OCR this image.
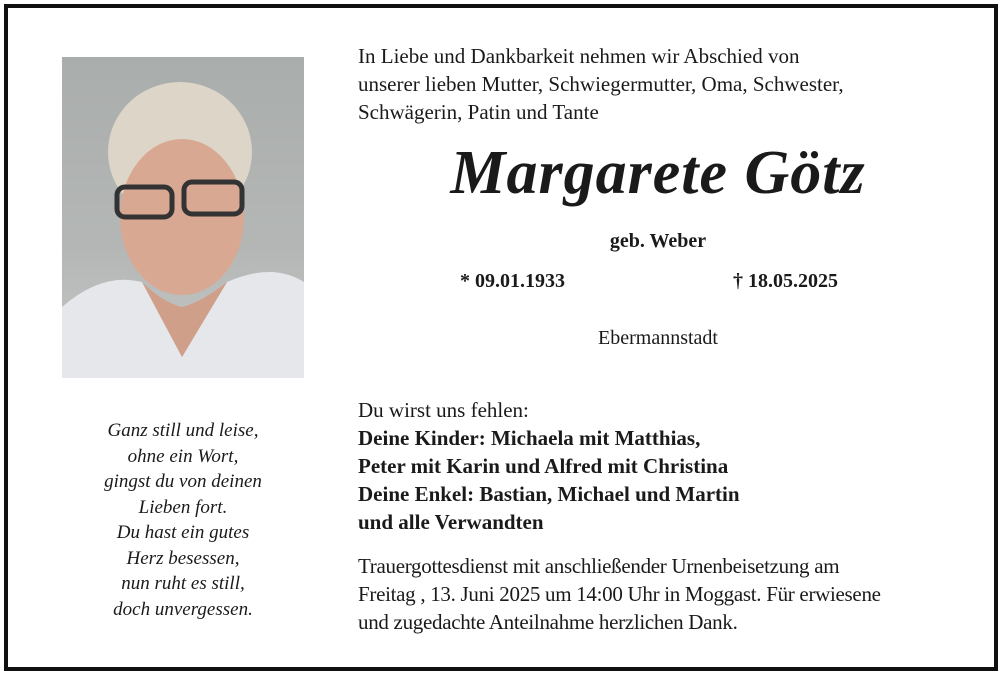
Ganz still und leise,
ohne ein Wort,
gingst du von deinen
Lieben fort.
Du hast ein gutes
Herz besessen,
nun ruht es still,
doch unvergessen.
In Liebe und Dankbarkeit nehmen wir Abschied von
unserer lieben Mutter, Schwiegermutter, Oma, Schwester,
Schwägerin, Patin und Tante
Margarete Götz
geb. Weber
* 09.01.1933	† 18.05.2025
Ebermannstadt
Du wirst uns fehlen:
Deine Kinder: Michaela mit Matthias,
Peter mit Karin und Alfred mit Christina
Deine Enkel: Bastian, Michael und Martin
und alle Verwandten
Trauergottesdienst mit anschließender Urnenbeisetzung am
Freitag , 13. Juni 2025 um 14:00 Uhr in Moggast. Für erwiesene
und zugedachte Anteilnahme herzlichen Dank.
